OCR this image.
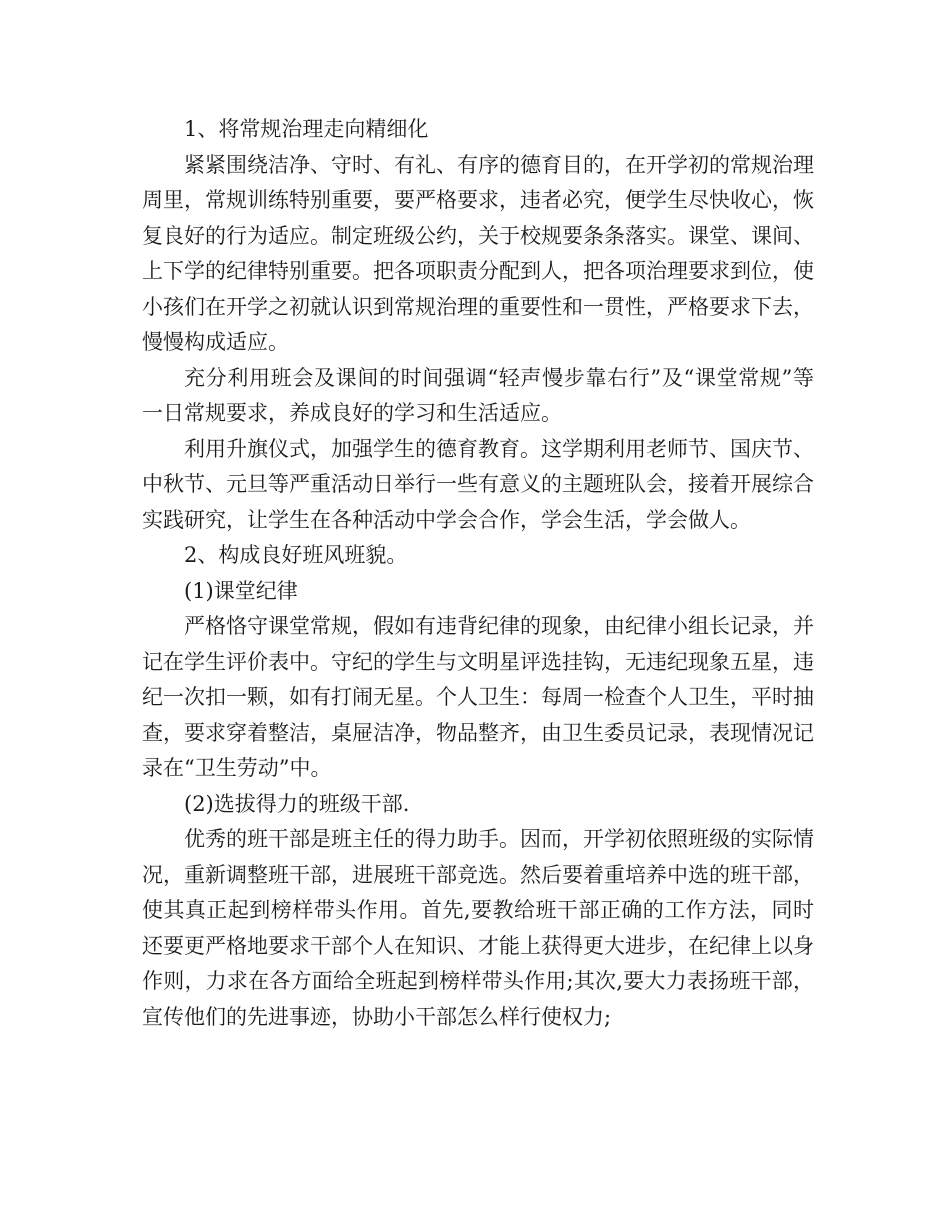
1、将常规治理走向精细化

紧紧围绕洁净、守时、有礼、有序的德育目的，在开学初的常规治理周里，常规训练特别重要，要严格要求，违者必究，便学生尽快收心，恢复良好的行为适应。制定班级公约，关于校规要条条落实。课堂、课间、上下学的纪律特别重要。把各项职责分配到人，把各项治理要求到位，使小孩们在开学之初就认识到常规治理的重要性和一贯性，严格要求下去，慢慢构成适应。

充分利用班会及课间的时间强调“轻声慢步靠右行”及“课堂常规”等一日常规要求，养成良好的学习和生活适应。

利用升旗仪式，加强学生的德育教育。这学期利用老师节、国庆节、中秋节、元旦等严重活动日举行一些有意义的主题班队会，接着开展综合实践研究，让学生在各种活动中学会合作，学会生活，学会做人。

2、构成良好班风班貌。

(1)课堂纪律

严格恪守课堂常规，假如有违背纪律的现象，由纪律小组长记录，并记在学生评价表中。守纪的学生与文明星评选挂钩，无违纪现象五星，违纪一次扣一颗，如有打闹无星。个人卫生：每周一检查个人卫生，平时抽查，要求穿着整洁，桌屉洁净，物品整齐，由卫生委员记录，表现情况记录在“卫生劳动”中。

(2)选拔得力的班级干部.

优秀的班干部是班主任的得力助手。因而，开学初依照班级的实际情况，重新调整班干部，进展班干部竞选。然后要着重培养中选的班干部，使其真正起到榜样带头作用。首先,要教给班干部正确的工作方法，同时还要更严格地要求干部个人在知识、才能上获得更大进步，在纪律上以身作则，力求在各方面给全班起到榜样带头作用;其次,要大力表扬班干部，宣传他们的先进事迹，协助小干部怎么样行使权力;
